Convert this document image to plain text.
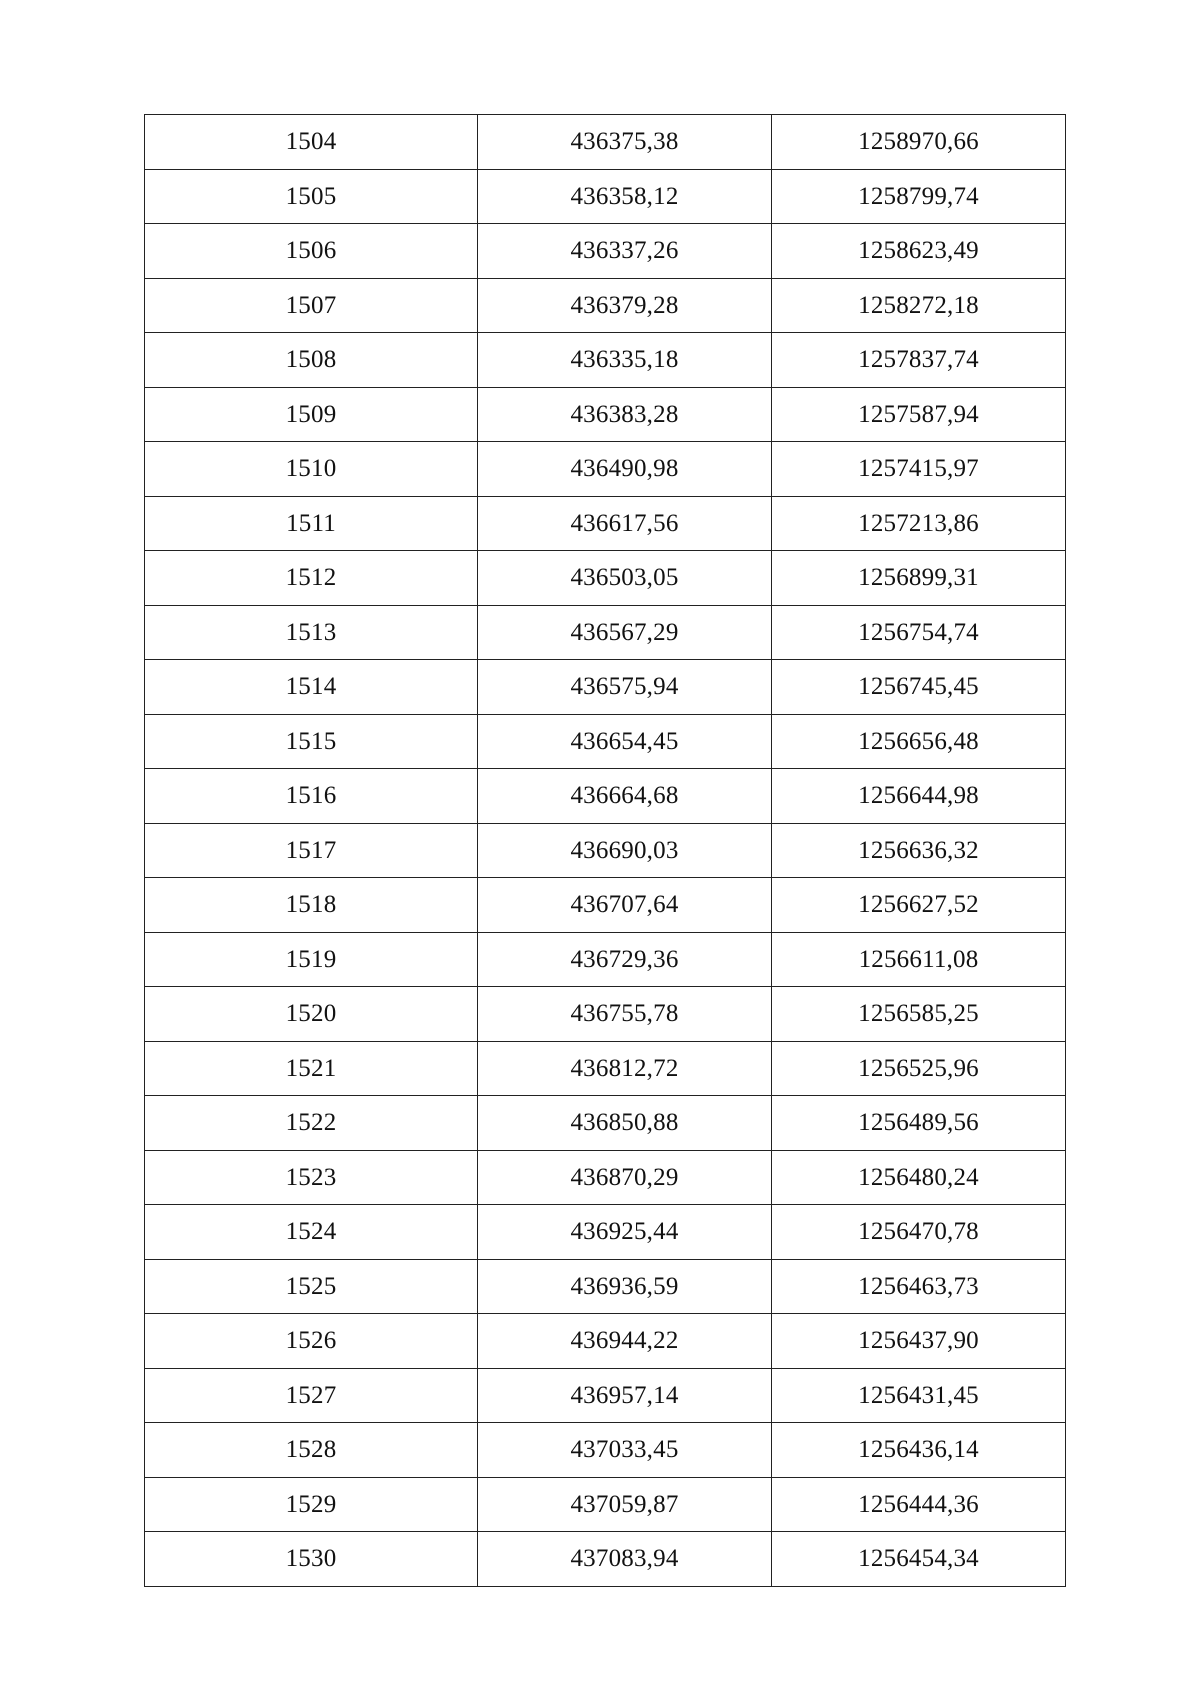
1504	436375,38	1258970,66
1505	436358,12	1258799,74
1506	436337,26	1258623,49
1507	436379,28	1258272,18
1508	436335,18	1257837,74
1509	436383,28	1257587,94
1510	436490,98	1257415,97
1511	436617,56	1257213,86
1512	436503,05	1256899,31
1513	436567,29	1256754,74
1514	436575,94	1256745,45
1515	436654,45	1256656,48
1516	436664,68	1256644,98
1517	436690,03	1256636,32
1518	436707,64	1256627,52
1519	436729,36	1256611,08
1520	436755,78	1256585,25
1521	436812,72	1256525,96
1522	436850,88	1256489,56
1523	436870,29	1256480,24
1524	436925,44	1256470,78
1525	436936,59	1256463,73
1526	436944,22	1256437,90
1527	436957,14	1256431,45
1528	437033,45	1256436,14
1529	437059,87	1256444,36
1530	437083,94	1256454,34
